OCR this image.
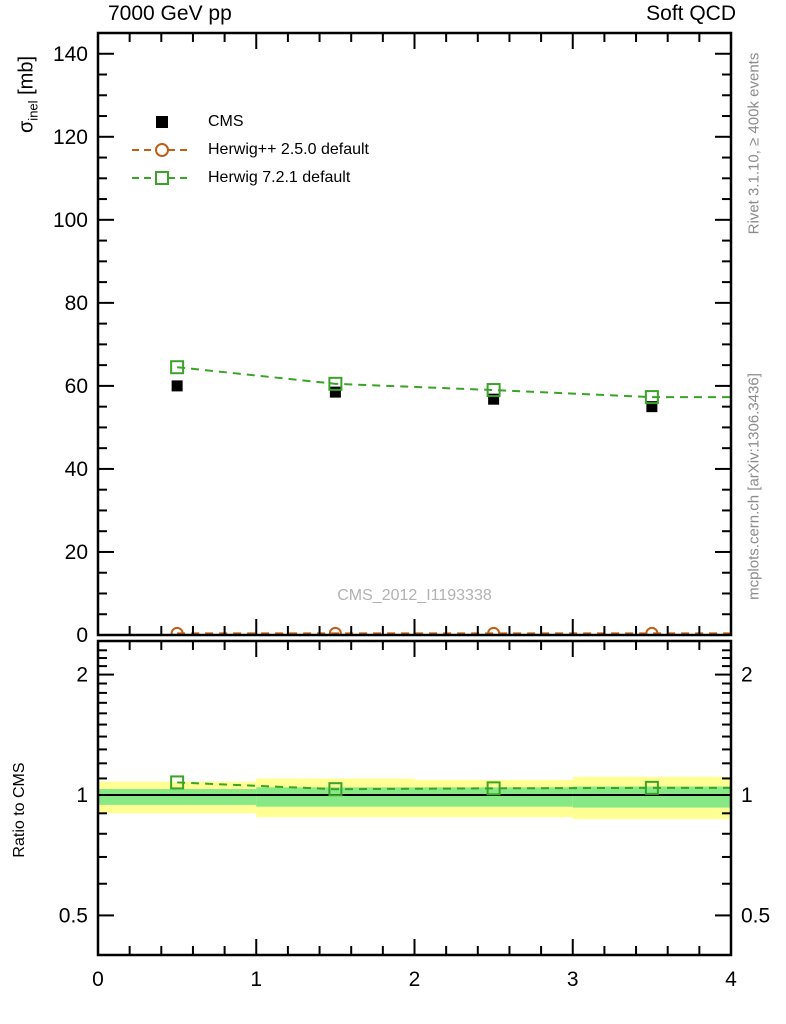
0
20
40
60
80
100
120
140
0.5	0.5
1	1
2	2
0	1	2	3	4
7000 GeV pp	Soft QCD
$\sigma_{inel}$ [mb]	Rivet 3.1.10, ≥ 400k events
mcplots.cern.ch [arXiv:1306.3436]
Ratio to CMS
CMS_2012_I1193338
CMS
Herwig++ 2.5.0 default
Herwig 7.2.1 default
